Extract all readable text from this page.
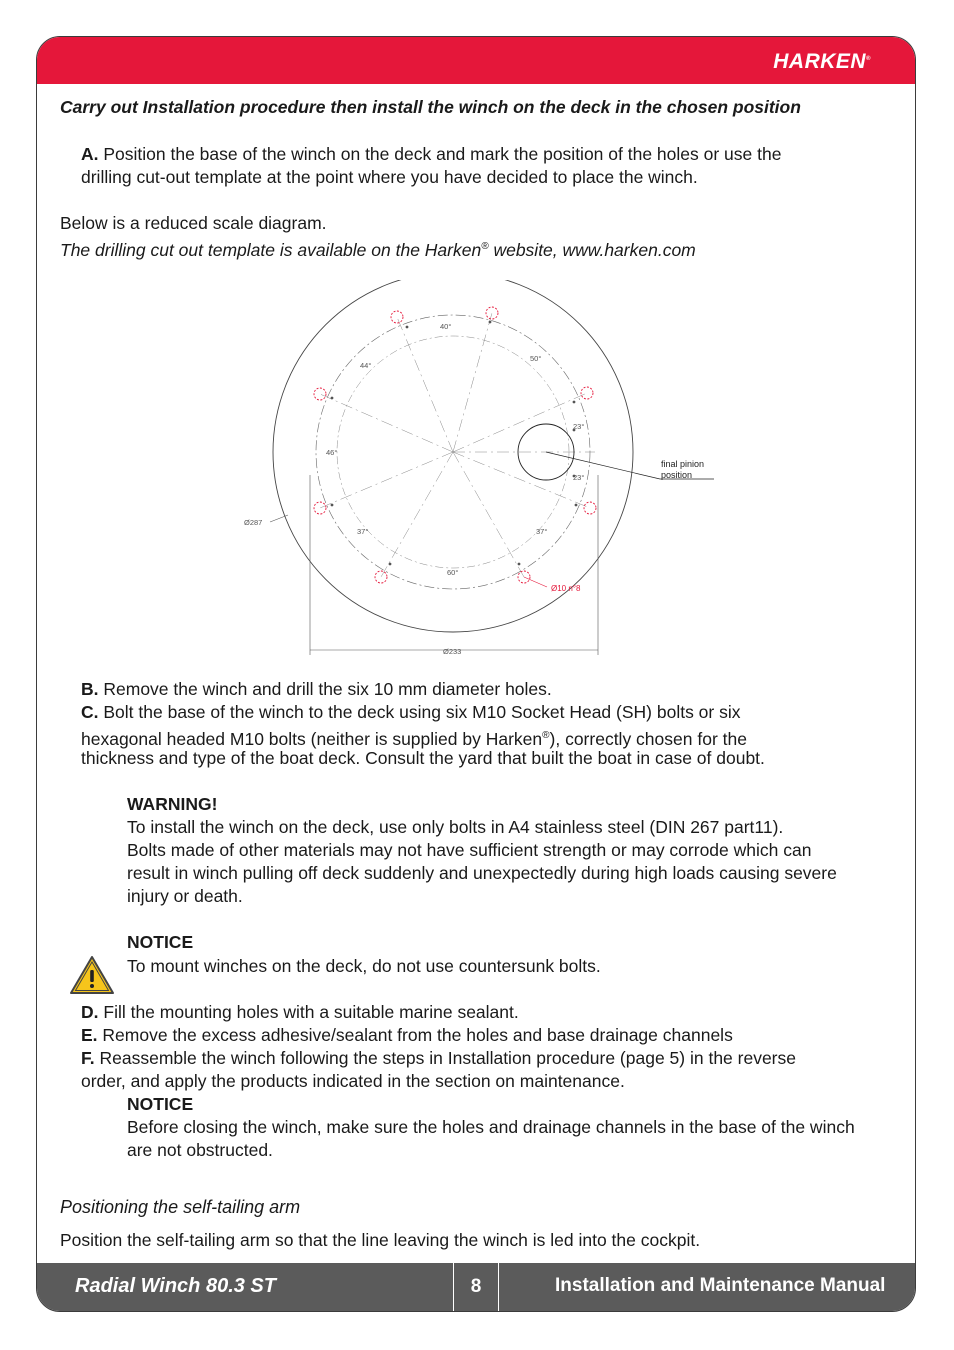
HARKEN®
Radial Winch 80.3 ST	8	Installation and Maintenance Manual

Carry out Installation procedure then install the winch on the deck in the chosen position

A. Position the base of the winch on the deck and mark the position of the holes or use the

drilling cut-out template at the point where you have decided to place the winch.

Below is a reduced scale diagram.

The drilling cut out template is available on the Harken® website, www.harken.com

final pinion
position
40°
50°
44°
46°
23°
23°
37°	37°
60°
Ø287
Ø233
Ø10 n°8

B. Remove the winch and drill the six 10 mm diameter holes.

C. Bolt the base of the winch to the deck using six M10 Socket Head (SH) bolts or six

hexagonal headed M10 bolts (neither is supplied by Harken®), correctly chosen for the

thickness and type of the boat deck. Consult the yard that built the boat in case of doubt.

WARNING!

To install the winch on the deck, use only bolts in A4 stainless steel (DIN 267 part11).

Bolts made of other materials may not have sufficient strength or may corrode which can

result in winch pulling off deck suddenly and unexpectedly during high loads causing severe

injury or death.

NOTICE

To mount winches on the deck, do not use countersunk bolts.

D. Fill the mounting holes with a suitable marine sealant.

E. Remove the excess adhesive/sealant from the holes and base drainage channels

F. Reassemble the winch following the steps in Installation procedure (page 5) in the reverse

order, and apply the products indicated in the section on maintenance.

NOTICE

Before closing the winch, make sure the holes and drainage channels in the base of the winch

are not obstructed.

Positioning the self-tailing arm

Position the self-tailing arm so that the line leaving the winch is led into the cockpit.
